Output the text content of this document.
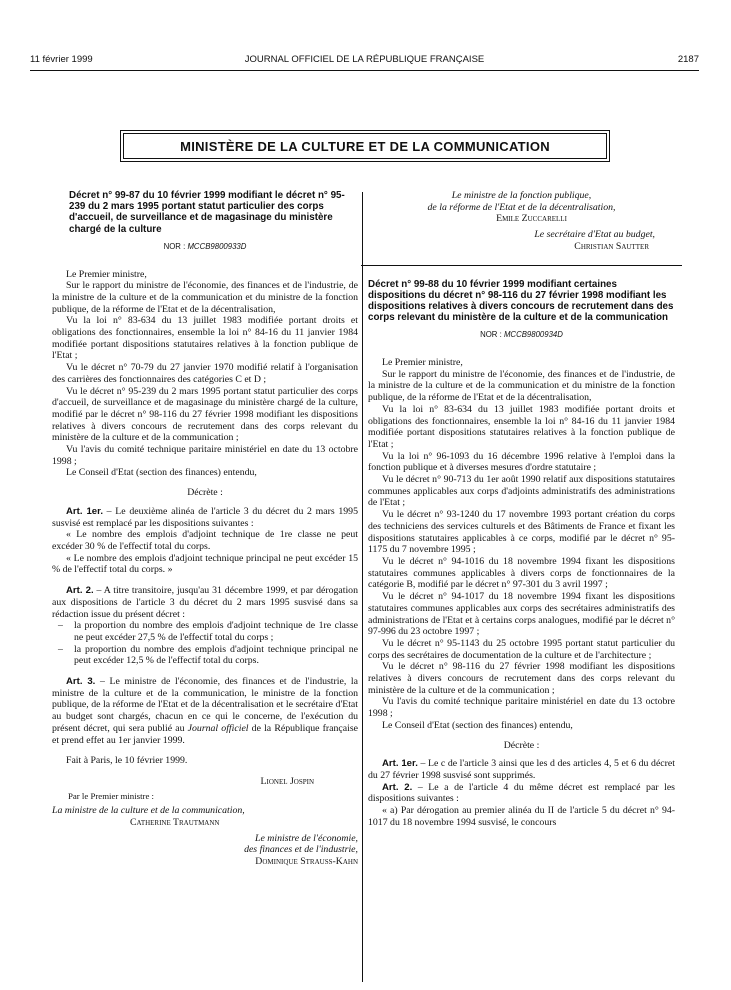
11 février 1999	JOURNAL OFFICIEL DE LA RÉPUBLIQUE FRANÇAISE	2187
MINISTÈRE DE LA CULTURE ET DE LA COMMUNICATION
Décret n° 99-87 du 10 février 1999 modifiant le décret n° 95-239 du 2 mars 1995 portant statut particulier des corps d'accueil, de surveillance et de magasinage du ministère chargé de la culture
NOR : MCCB9800933D

Le Premier ministre,

Sur le rapport du ministre de l'économie, des finances et de l'industrie, de la ministre de la culture et de la communication et du ministre de la fonction publique, de la réforme de l'Etat et de la décentralisation,

Vu la loi n° 83-634 du 13 juillet 1983 modifiée portant droits et obligations des fonctionnaires, ensemble la loi n° 84-16 du 11 janvier 1984 modifiée portant dispositions statutaires relatives à la fonction publique de l'Etat ;

Vu le décret n° 70-79 du 27 janvier 1970 modifié relatif à l'organisation des carrières des fonctionnaires des catégories C et D ;

Vu le décret n° 95-239 du 2 mars 1995 portant statut particulier des corps d'accueil, de surveillance et de magasinage du ministère chargé de la culture, modifié par le décret n° 98-116 du 27 février 1998 modifiant les dispositions relatives à divers concours de recrutement dans des corps relevant du ministère de la culture et de la communication ;

Vu l'avis du comité technique paritaire ministériel en date du 13 octobre 1998 ;

Le Conseil d'Etat (section des finances) entendu,

Décrète :

Art. 1er. – Le deuxième alinéa de l'article 3 du décret du 2 mars 1995 susvisé est remplacé par les dispositions suivantes :

« Le nombre des emplois d'adjoint technique de 1re classe ne peut excéder 30 % de l'effectif total du corps.

« Le nombre des emplois d'adjoint technique principal ne peut excéder 15 % de l'effectif total du corps. »

Art. 2. – A titre transitoire, jusqu'au 31 décembre 1999, et par dérogation aux dispositions de l'article 3 du décret du 2 mars 1995 susvisé dans sa rédaction issue du présent décret :

– la proportion du nombre des emplois d'adjoint technique de 1re classe ne peut excéder 27,5 % de l'effectif total du corps ;
– la proportion du nombre des emplois d'adjoint technique principal ne peut excéder 12,5 % de l'effectif total du corps.

Art. 3. – Le ministre de l'économie, des finances et de l'industrie, la ministre de la culture et de la communication, le ministre de la fonction publique, de la réforme de l'Etat et de la décentralisation et le secrétaire d'Etat au budget sont chargés, chacun en ce qui le concerne, de l'exécution du présent décret, qui sera publié au Journal officiel de la République française et prend effet au 1er janvier 1999.

Fait à Paris, le 10 février 1999.

Lionel Jospin
Par le Premier ministre :
La ministre de la culture et de la communication,
Catherine Trautmann
Le ministre de l'économie,
des finances et de l'industrie,
Dominique Strauss-Kahn
Le ministre de la fonction publique,
de la réforme de l'Etat et de la décentralisation,
Emile Zuccarelli
Le secrétaire d'Etat au budget,
Christian Sautter
Décret n° 99-88 du 10 février 1999 modifiant certaines dispositions du décret n° 98-116 du 27 février 1998 modifiant les dispositions relatives à divers concours de recrutement dans des corps relevant du ministère de la culture et de la communication
NOR : MCCB9800934D

Le Premier ministre,

Sur le rapport du ministre de l'économie, des finances et de l'industrie, de la ministre de la culture et de la communication et du ministre de la fonction publique, de la réforme de l'Etat et de la décentralisation,

Vu la loi n° 83-634 du 13 juillet 1983 modifiée portant droits et obligations des fonctionnaires, ensemble la loi n° 84-16 du 11 janvier 1984 modifiée portant dispositions statutaires relatives à la fonction publique de l'Etat ;

Vu la loi n° 96-1093 du 16 décembre 1996 relative à l'emploi dans la fonction publique et à diverses mesures d'ordre statutaire ;

Vu le décret n° 90-713 du 1er août 1990 relatif aux dispositions statutaires communes applicables aux corps d'adjoints administratifs des administrations de l'Etat ;

Vu le décret n° 93-1240 du 17 novembre 1993 portant création du corps des techniciens des services culturels et des Bâtiments de France et fixant les dispositions statutaires applicables à ce corps, modifié par le décret n° 95-1175 du 7 novembre 1995 ;

Vu le décret n° 94-1016 du 18 novembre 1994 fixant les dispositions statutaires communes applicables à divers corps de fonctionnaires de la catégorie B, modifié par le décret n° 97-301 du 3 avril 1997 ;

Vu le décret n° 94-1017 du 18 novembre 1994 fixant les dispositions statutaires communes applicables aux corps des secrétaires administratifs des administrations de l'Etat et à certains corps analogues, modifié par le décret n° 97-996 du 23 octobre 1997 ;

Vu le décret n° 95-1143 du 25 octobre 1995 portant statut particulier du corps des secrétaires de documentation de la culture et de l'architecture ;

Vu le décret n° 98-116 du 27 février 1998 modifiant les dispositions relatives à divers concours de recrutement dans des corps relevant du ministère de la culture et de la communication ;

Vu l'avis du comité technique paritaire ministériel en date du 13 octobre 1998 ;

Le Conseil d'Etat (section des finances) entendu,

Décrète :

Art. 1er. – Le c de l'article 3 ainsi que les d des articles 4, 5 et 6 du décret du 27 février 1998 susvisé sont supprimés.

Art. 2. – Le a de l'article 4 du même décret est remplacé par les dispositions suivantes :

« a) Par dérogation au premier alinéa du II de l'article 5 du décret n° 94-1017 du 18 novembre 1994 susvisé, le concours
